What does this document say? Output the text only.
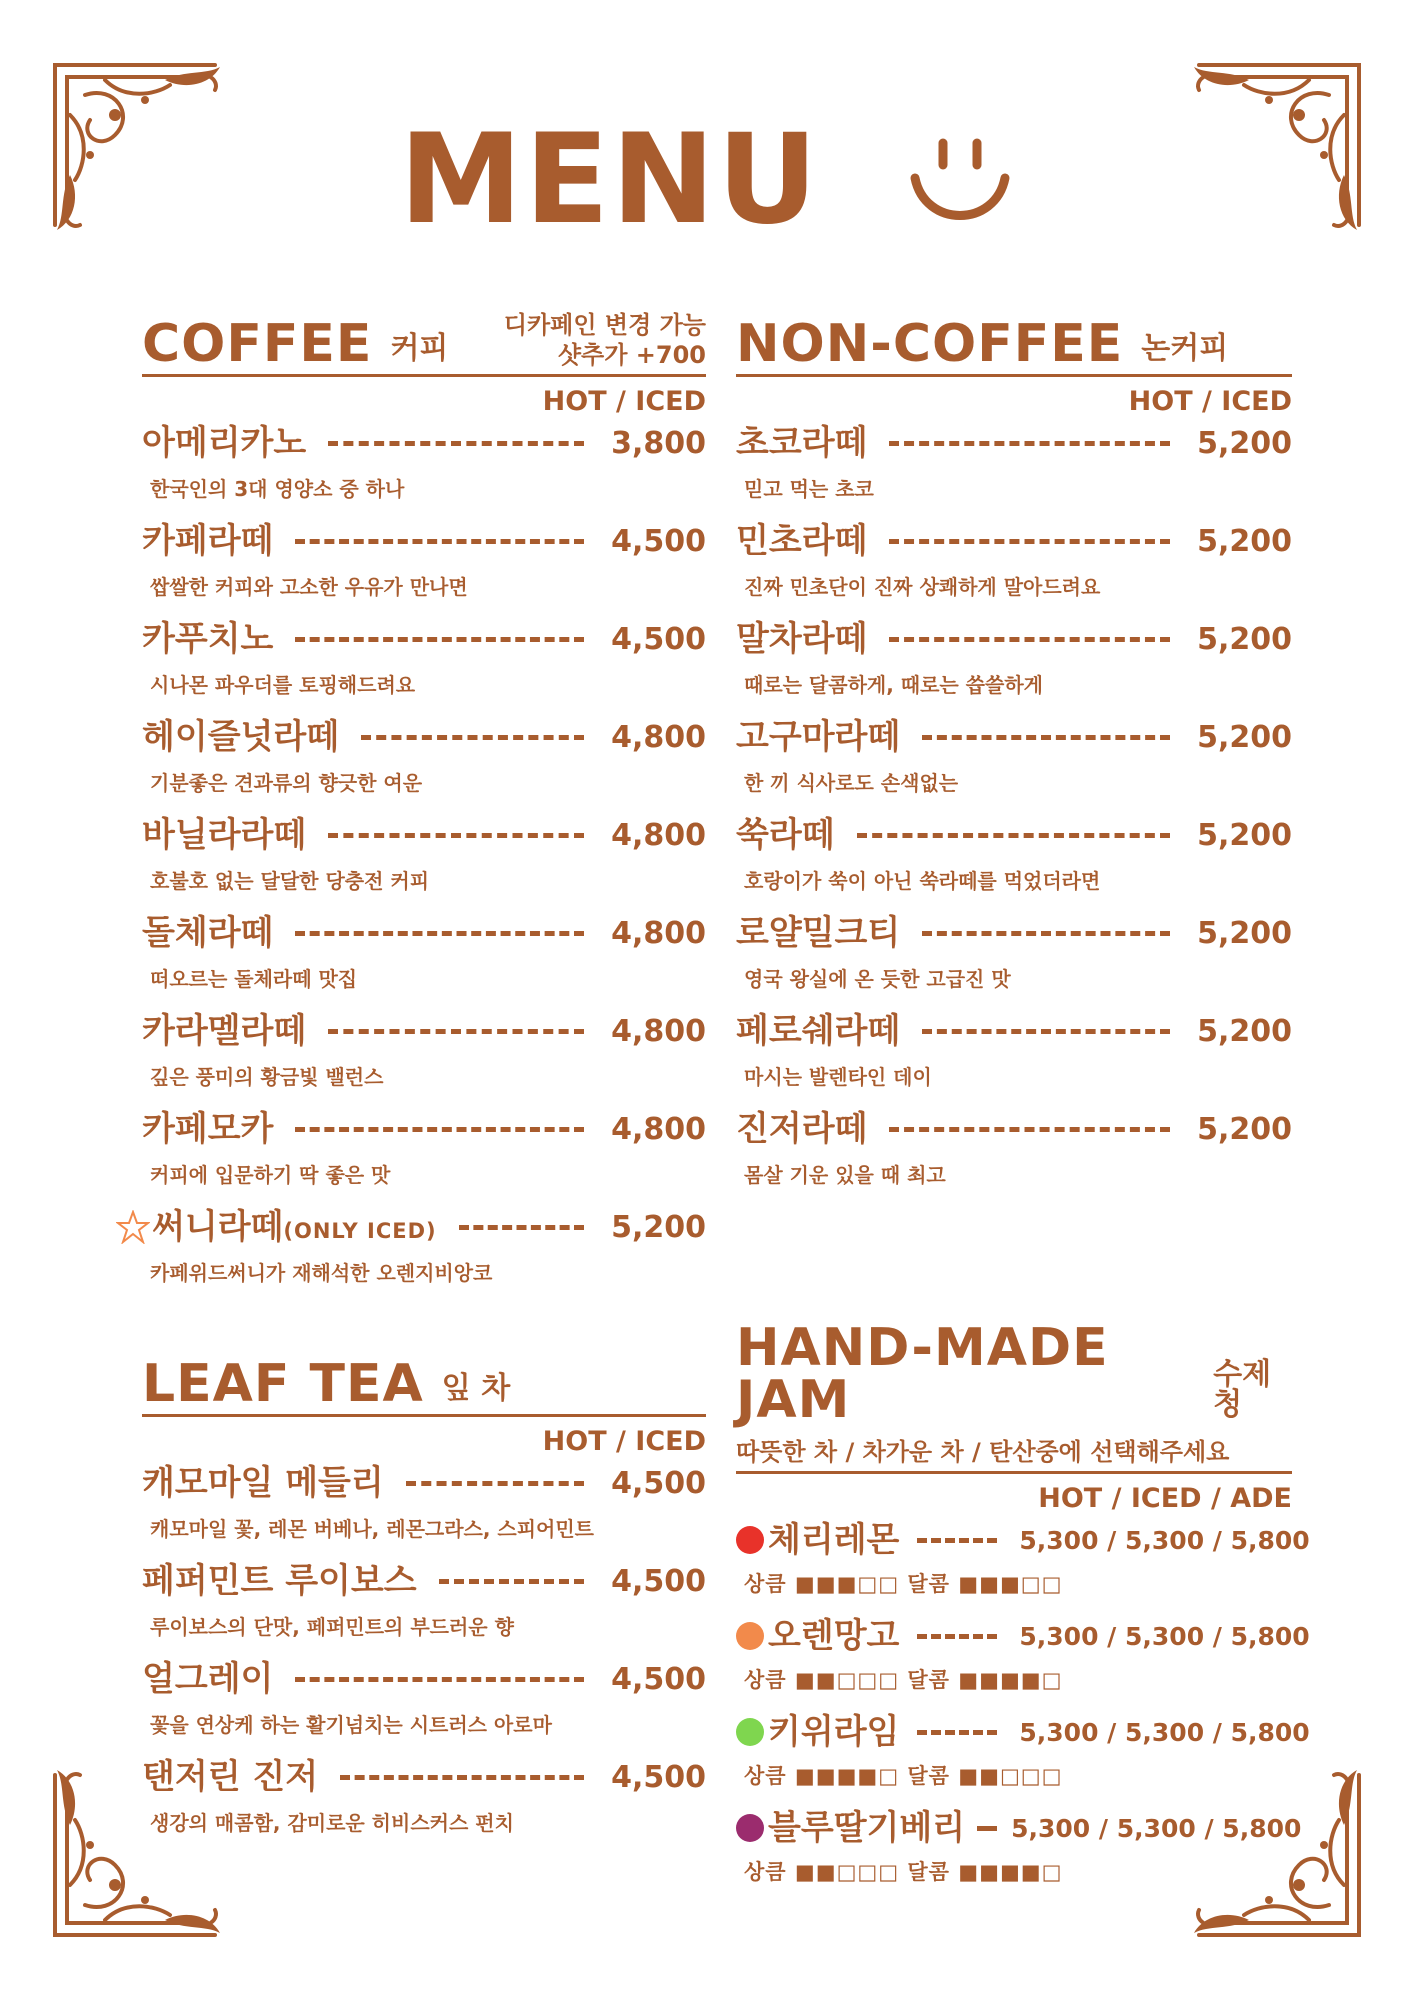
MENU
COFFEE 커피
디카페인 변경 가능
샷추가 +700
HOT / ICED
아메리카노	3,800
한국인의 3대 영양소 중 하나
카페라떼	4,500
쌉쌀한 커피와 고소한 우유가 만나면
카푸치노	4,500
시나몬 파우더를 토핑해드려요
헤이즐넛라떼	4,800
기분좋은 견과류의 향긋한 여운
바닐라라떼	4,800
호불호 없는 달달한 당충전 커피
돌체라떼	4,800
떠오르는 돌체라떼 맛집
카라멜라떼	4,800
깊은 풍미의 황금빛 밸런스
카페모카	4,800
커피에 입문하기 딱 좋은 맛
써니라떼(ONLY ICED)	5,200
카페위드써니가 재해석한 오렌지비앙코
NON-COFFEE 논커피
HOT / ICED
초코라떼	5,200
믿고 먹는 초코
민초라떼	5,200
진짜 민초단이 진짜 상쾌하게 말아드려요
말차라떼	5,200
때로는 달콤하게, 때로는 씁쓸하게
고구마라떼	5,200
한 끼 식사로도 손색없는
쑥라떼	5,200
호랑이가 쑥이 아닌 쑥라떼를 먹었더라면
로얄밀크티	5,200
영국 왕실에 온 듯한 고급진 맛
페로쉐라떼	5,200
마시는 발렌타인 데이
진저라떼	5,200
몸살 기운 있을 때 최고
LEAF TEA 잎 차
HOT / ICED
캐모마일 메들리	4,500
캐모마일 꽃, 레몬 버베나, 레몬그라스, 스피어민트
페퍼민트 루이보스	4,500
루이보스의 단맛, 페퍼민트의 부드러운 향
얼그레이	4,500
꽃을 연상케 하는 활기넘치는 시트러스 아로마
탠저린 진저	4,500
생강의 매콤함, 감미로운 히비스커스 펀치
HAND-MADE JAM	수제청
따뜻한 차 / 차가운 차 / 탄산중에 선택해주세요
HOT / ICED / ADE
체리레몬	5,300 / 5,300 / 5,800
상큼 ■■■□□ 달콤 ■■■□□
오렌망고	5,300 / 5,300 / 5,800
상큼 ■■□□□ 달콤 ■■■■□
키위라임	5,300 / 5,300 / 5,800
상큼 ■■■■□ 달콤 ■■□□□
블루딸기베리 5,300 / 5,300 / 5,800
상큼 ■■□□□ 달콤 ■■■■□
